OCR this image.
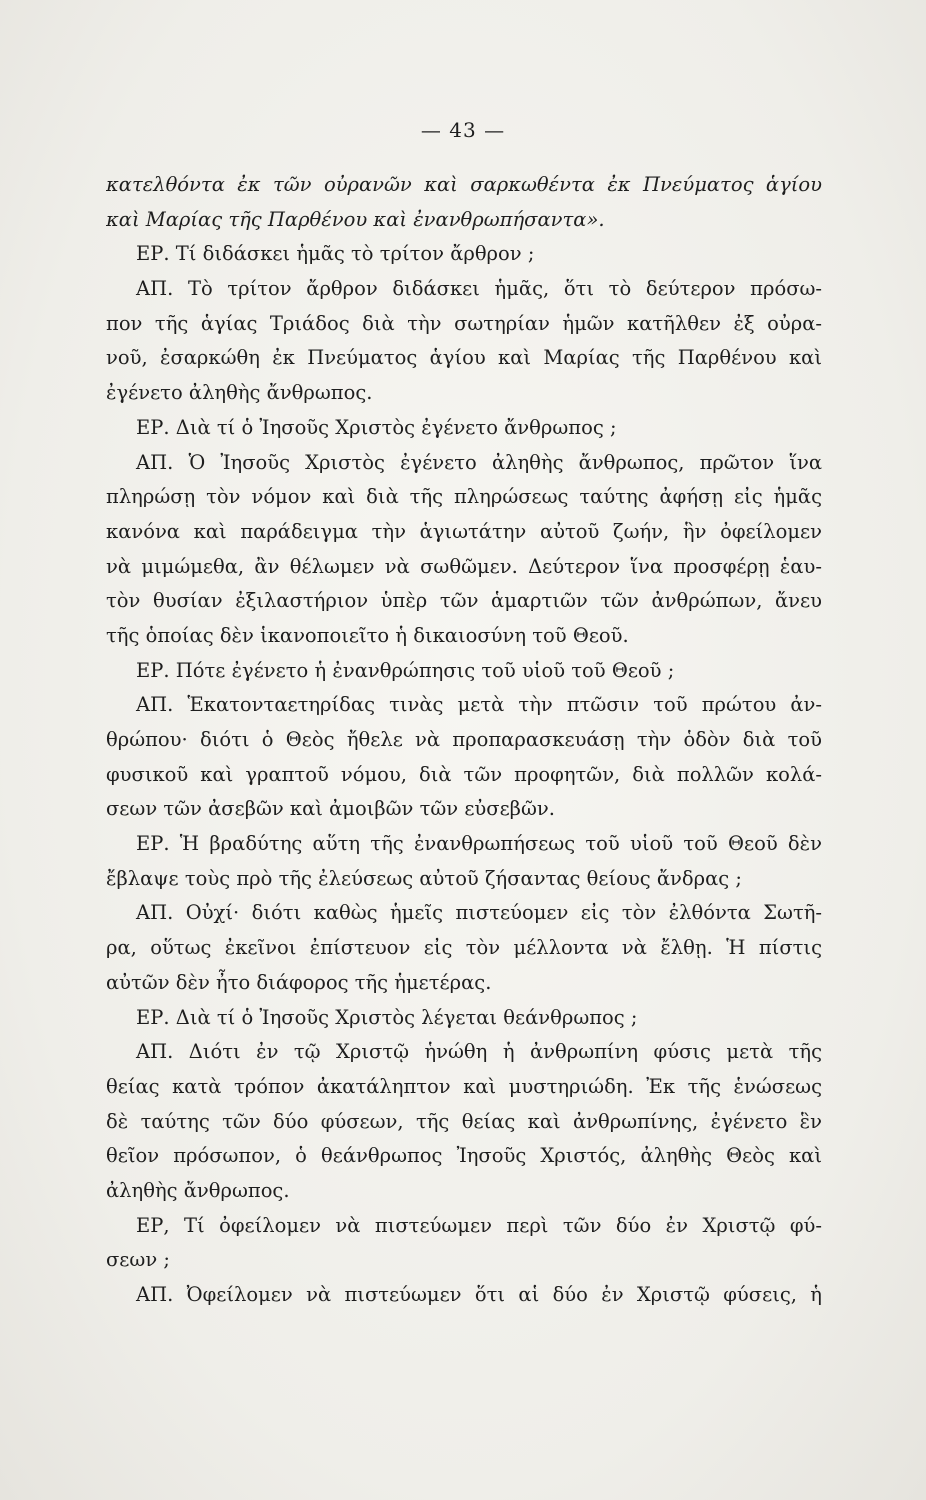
— 43 —
κατελθόντα ἐκ τῶν οὐρανῶν καὶ σαρκωθέντα ἐκ Πνεύματος ἁγίου
καὶ Μαρίας τῆς Παρθένου καὶ ἐνανθρωπήσαντα».
ΕΡ. Τί διδάσκει ἡμᾶς τὸ τρίτον ἄρθρον ;
ΑΠ. Τὸ τρίτον ἄρθρον διδάσκει ἡμᾶς, ὅτι τὸ δεύτερον πρόσω-
πον τῆς ἁγίας Τριάδος διὰ τὴν σωτηρίαν ἡμῶν κατῆλθεν ἐξ οὐρα-
νοῦ, ἐσαρκώθη ἐκ Πνεύματος ἁγίου καὶ Μαρίας τῆς Παρθένου καὶ
ἐγένετο ἀληθὴς ἄνθρωπος.
ΕΡ. Διὰ τί ὁ Ἰησοῦς Χριστὸς ἐγένετο ἄνθρωπος ;
ΑΠ. Ὁ Ἰησοῦς Χριστὸς ἐγένετο ἀληθὴς ἄνθρωπος, πρῶτον ἵνα
πληρώσῃ τὸν νόμον καὶ διὰ τῆς πληρώσεως ταύτης ἀφήσῃ εἰς ἡμᾶς
κανόνα καὶ παράδειγμα τὴν ἁγιωτάτην αὐτοῦ ζωήν, ἣν ὀφείλομεν
νὰ μιμώμεθα, ἂν θέλωμεν νὰ σωθῶμεν. Δεύτερον ἵνα προσφέρῃ ἑαυ-
τὸν θυσίαν ἐξιλαστήριον ὑπὲρ τῶν ἁμαρτιῶν τῶν ἀνθρώπων, ἄνευ
τῆς ὁποίας δὲν ἱκανοποιεῖτο ἡ δικαιοσύνη τοῦ Θεοῦ.
ΕΡ. Πότε ἐγένετο ἡ ἐνανθρώπησις τοῦ υἱοῦ τοῦ Θεοῦ ;
ΑΠ. Ἑκατονταετηρίδας τινὰς μετὰ τὴν πτῶσιν τοῦ πρώτου ἀν-
θρώπου· διότι ὁ Θεὸς ἤθελε νὰ προπαρασκευάσῃ τὴν ὁδὸν διὰ τοῦ
φυσικοῦ καὶ γραπτοῦ νόμου, διὰ τῶν προφητῶν, διὰ πολλῶν κολά-
σεων τῶν ἀσεβῶν καὶ ἀμοιβῶν τῶν εὐσεβῶν.
ΕΡ. Ἡ βραδύτης αὕτη τῆς ἐνανθρωπήσεως τοῦ υἱοῦ τοῦ Θεοῦ δὲν
ἔβλαψε τοὺς πρὸ τῆς ἐλεύσεως αὐτοῦ ζήσαντας θείους ἄνδρας ;
ΑΠ. Οὐχί· διότι καθὼς ἡμεῖς πιστεύομεν εἰς τὸν ἐλθόντα Σωτῆ-
ρα, οὕτως ἐκεῖνοι ἐπίστευον εἰς τὸν μέλλοντα νὰ ἔλθῃ. Ἡ πίστις
αὐτῶν δὲν ἦτο διάφορος τῆς ἡμετέρας.
ΕΡ. Διὰ τί ὁ Ἰησοῦς Χριστὸς λέγεται θεάνθρωπος ;
ΑΠ. Διότι ἐν τῷ Χριστῷ ἡνώθη ἡ ἀνθρωπίνη φύσις μετὰ τῆς
θείας κατὰ τρόπον ἀκατάληπτον καὶ μυστηριώδη. Ἐκ τῆς ἑνώσεως
δὲ ταύτης τῶν δύο φύσεων, τῆς θείας καὶ ἀνθρωπίνης, ἐγένετο ἓν
θεῖον πρόσωπον, ὁ θεάνθρωπος Ἰησοῦς Χριστός, ἀληθὴς Θεὸς καὶ
ἀληθὴς ἄνθρωπος.
ΕΡ, Τί ὀφείλομεν νὰ πιστεύωμεν περὶ τῶν δύο ἐν Χριστῷ φύ-
σεων ;
ΑΠ. Ὀφείλομεν νὰ πιστεύωμεν ὅτι αἱ δύο ἐν Χριστῷ φύσεις, ἡ
